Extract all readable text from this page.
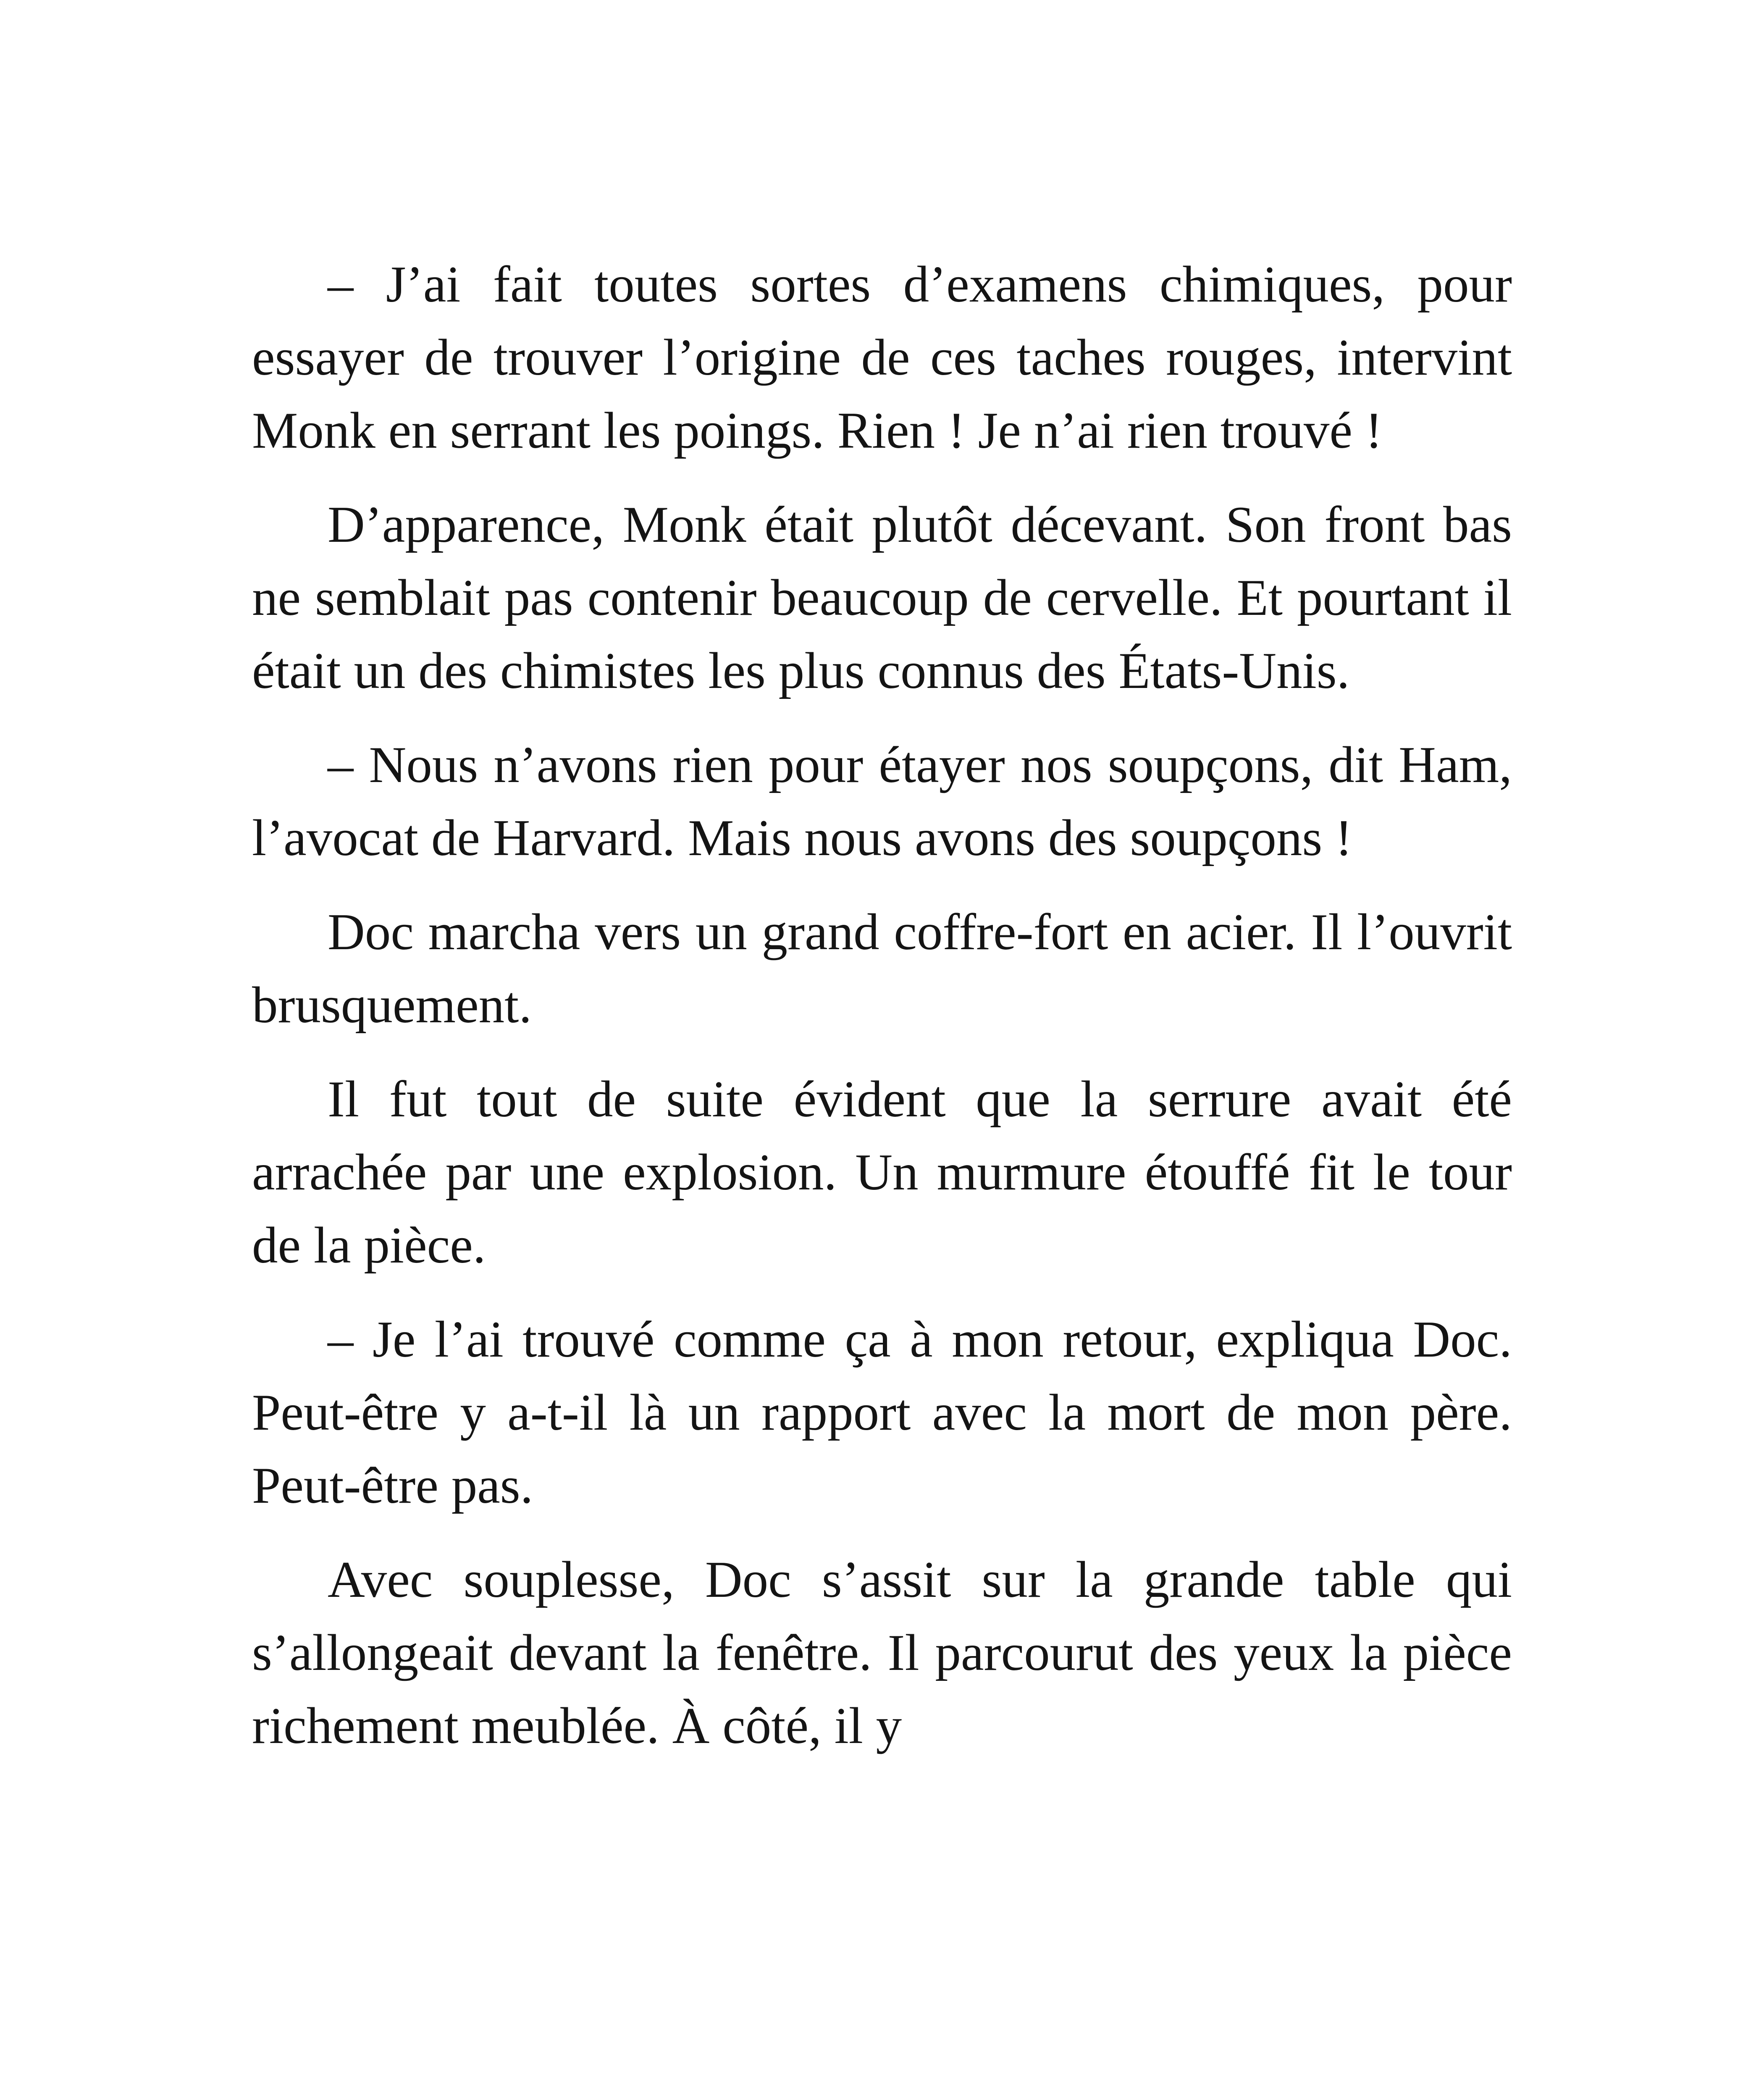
– J’ai fait toutes sortes d’examens chimiques, pour essayer de trouver l’origine de ces taches rouges, intervint Monk en serrant les poings. Rien ! Je n’ai rien trouvé !

D’apparence, Monk était plutôt décevant. Son front bas ne semblait pas contenir beaucoup de cervelle. Et pourtant il était un des chimistes les plus connus des États-Unis.

– Nous n’avons rien pour étayer nos soupçons, dit Ham, l’avocat de Harvard. Mais nous avons des soupçons !

Doc marcha vers un grand coffre-fort en acier. Il l’ouvrit brusquement.

Il fut tout de suite évident que la serrure avait été arrachée par une explosion. Un murmure étouffé fit le tour de la pièce.

– Je l’ai trouvé comme ça à mon retour, expliqua Doc. Peut-être y a-t-il là un rapport avec la mort de mon père. Peut-être pas.

Avec souplesse, Doc s’assit sur la grande table qui s’allongeait devant la fenêtre. Il parcourut des yeux la pièce richement meublée. À côté, il y
